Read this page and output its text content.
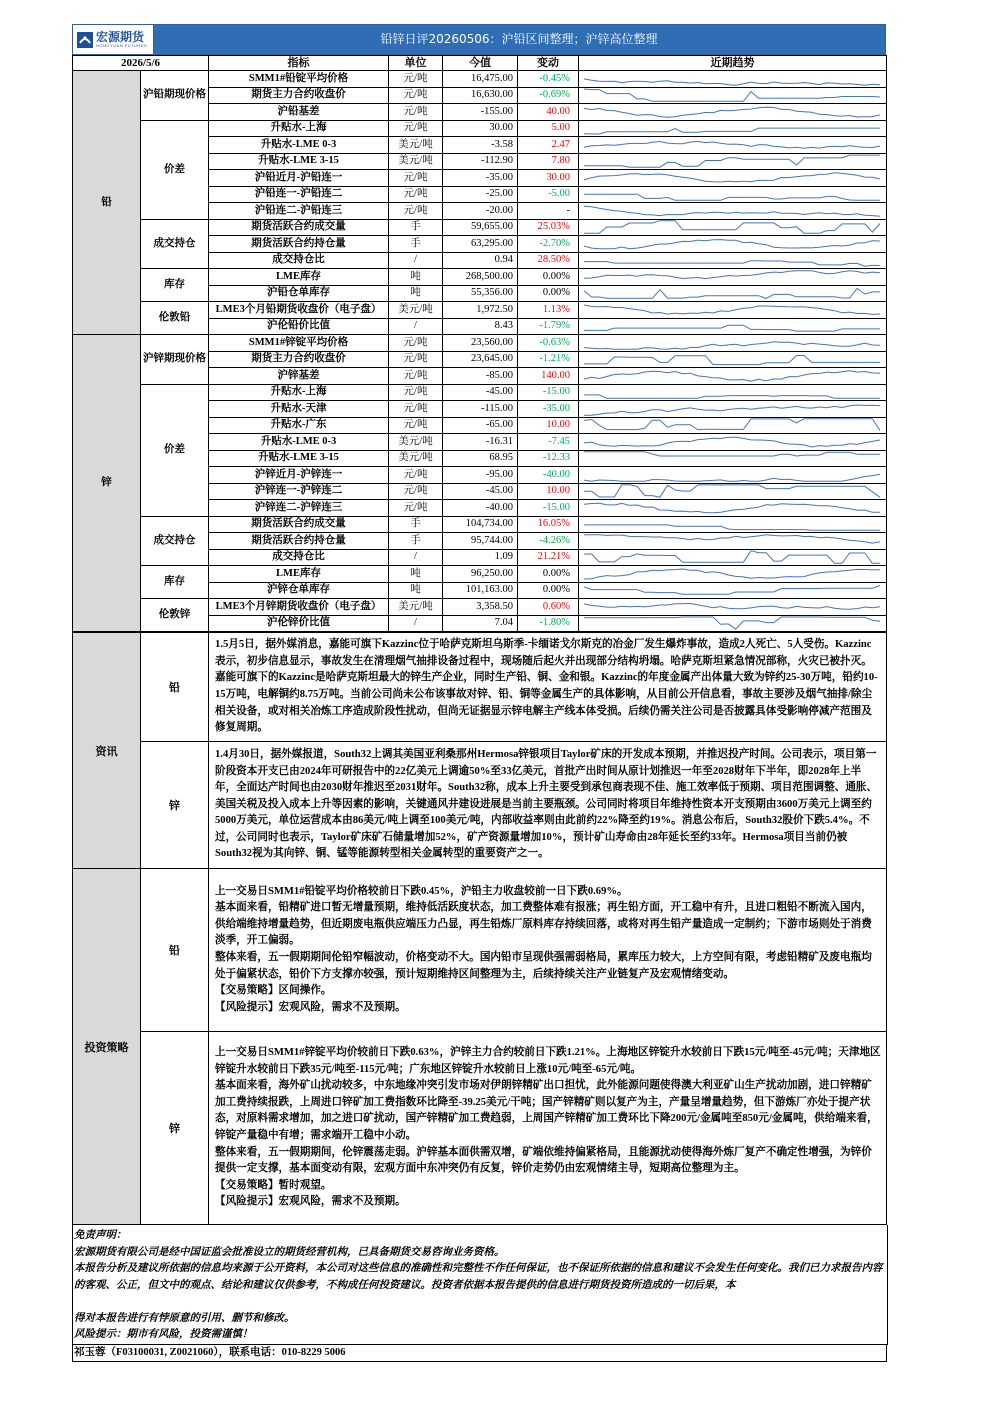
宏源期货
HONGYUAN FUTURES	铅锌日评20260506：沪铅区间整理；沪锌高位整理
2026/5/6		指标	单位	今值	变动	近期趋势
铅	沪铅期现价格	SMM1#铅锭平均价格	元/吨	16,475.00	-0.45%	

		期货主力合约收盘价	元/吨	16,630.00	-0.69%	

		沪铅基差	元/吨	-155.00	40.00	

	价差	升贴水-上海	元/吨	30.00	5.00	

		升贴水-LME 0-3	美元/吨	-3.58	2.47	

		升贴水-LME 3-15	美元/吨	-112.90	7.80	

		沪铅近月-沪铅连一	元/吨	-35.00	30.00	

		沪铅连一-沪铅连二	元/吨	-25.00	-5.00	

		沪铅连二-沪铅连三	元/吨	-20.00	-	

	成交持仓	期货活跃合约成交量	手	59,655.00	25.03%	

		期货活跃合约持仓量	手	63,295.00	-2.70%	

		成交持仓比	/	0.94	28.50%	

	库存	LME库存	吨	268,500.00	0.00%	

		沪铅仓单库存	吨	55,356.00	0.00%	

	伦敦铅	LME3个月铅期货收盘价（电子盘）	美元/吨	1,972.50	1.13%	

		沪伦铅价比值	/	8.43	-1.79%	

锌	沪锌期现价格	SMM1#锌锭平均价格	元/吨	23,560.00	-0.63%	

		期货主力合约收盘价	元/吨	23,645.00	-1.21%	

		沪锌基差	元/吨	-85.00	140.00	

	价差	升贴水-上海	元/吨	-45.00	-15.00	

		升贴水-天津	元/吨	-115.00	-35.00	

		升贴水-广东	元/吨	-65.00	10.00	

		升贴水-LME 0-3	美元/吨	-16.31	-7.45	

		升贴水-LME 3-15	美元/吨	68.95	-12.33	

		沪锌近月-沪锌连一	元/吨	-95.00	-40.00	

		沪锌连一-沪锌连二	元/吨	-45.00	10.00	

		沪锌连二-沪锌连三	元/吨	-40.00	-15.00	

	成交持仓	期货活跃合约成交量	手	104,734.00	16.05%	

		期货活跃合约持仓量	手	95,744.00	-4.26%	

		成交持仓比	/	1.09	21.21%	

	库存	LME库存	吨	96,250.00	0.00%	

		沪锌仓单库存	吨	101,163.00	0.00%	

	伦敦锌	LME3个月锌期货收盘价（电子盘）	美元/吨	3,358.50	0.60%	

		沪伦锌价比值	/	7.04	-1.80%	
资讯	铅	1.5月5日，据外媒消息，嘉能可旗下Kazzinc位于哈萨克斯坦乌斯季-卡缅诺戈尔斯克的冶金厂发生爆炸事故，造成2人死亡、5人受伤。Kazzinc表示，初步信息显示，事故发生在清理烟气抽排设备过程中，现场随后起火并出现部分结构坍塌。哈萨克斯坦紧急情况部称，火灾已被扑灭。嘉能可旗下的Kazzinc是哈萨克斯坦最大的锌生产企业，同时生产铅、铜、金和银。Kazzinc的年度金属产出体量大致为锌约25-30万吨，铅约10-15万吨，电解铜约8.75万吨。当前公司尚未公布该事故对锌、铅、铜等金属生产的具体影响，从目前公开信息看，事故主要涉及烟气抽排/除尘相关设备，或对相关冶炼工序造成阶段性扰动，但尚无证据显示锌电解主产线本体受损。后续仍需关注公司是否披露具体受影响停减产范围及修复周期。
	锌	1.4月30日，据外媒报道，South32上调其美国亚利桑那州Hermosa锌银项目Taylor矿床的开发成本预期，并推迟投产时间。公司表示，项目第一阶段资本开支已由2024年可研报告中的22亿美元上调逾50%至33亿美元，首批产出时间从原计划推迟一年至2028财年下半年，即2028年上半年，全面达产时间也由2030财年推迟至2031财年。South32称，成本上升主要受到承包商表现不佳、施工效率低于预期、项目范围调整、通胀、美国关税及投入成本上升等因素的影响，关键通风井建设进展是当前主要瓶颈。公司同时将项目年维持性资本开支预期由3600万美元上调至约5000万美元，单位运营成本由86美元/吨上调至100美元/吨，内部收益率则由此前约22%降至约19%。消息公布后，South32股价下跌5.4%。不过，公司同时也表示，Taylor矿床矿石储量增加52%，矿产资源量增加10%，预计矿山寿命由28年延长至约33年。Hermosa项目当前仍被South32视为其向锌、铜、锰等能源转型相关金属转型的重要资产之一。
投资策略	铅	上一交易日SMM1#铅锭平均价格较前日下跌0.45%，沪铅主力收盘较前一日下跌0.69%。

基本面来看，铅精矿进口暂无增量预期，维持低活跃度状态，加工费整体难有报涨；再生铅方面，开工稳中有升，且进口粗铅不断流入国内，供给端维持增量趋势，但近期废电瓶供应端压力凸显，再生铅炼厂原料库存持续回落，或将对再生铅产量造成一定制约；下游市场则处于消费淡季，开工偏弱。

整体来看，五一假期期间伦铅窄幅波动，价格变动不大。国内铅市呈现供强需弱格局，累库压力较大，上方空间有限，考虑铅精矿及废电瓶均处于偏紧状态，铅价下方支撑亦较强，预计短期维持区间整理为主，后续持续关注产业链复产及宏观情绪变动。

【交易策略】区间操作。

【风险提示】宏观风险，需求不及预期。

	锌	上一交易日SMM1#锌锭平均价较前日下跌0.63%，沪锌主力合约较前日下跌1.21%。上海地区锌锭升水较前日下跌15元/吨至-45元/吨；天津地区锌锭升水较前日下跌35元/吨至-115元/吨；广东地区锌锭升水较前日上涨10元/吨至-65元/吨。

基本面来看，海外矿山扰动较多，中东地缘冲突引发市场对伊朗锌精矿出口担忧，此外能源问题使得澳大利亚矿山生产扰动加剧，进口锌精矿加工费持续报跌，上周进口锌矿加工费指数环比降至-39.25美元/干吨；国产锌精矿则以复产为主，产量呈增量趋势，但下游炼厂亦处于提产状态，对原料需求增加，加之进口矿扰动，国产锌精矿加工费趋弱，上周国产锌精矿加工费环比下降200元/金属吨至850元/金属吨，供给端来看，锌锭产量稳中有增；需求端开工稳中小动。

整体来看，五一假期期间，伦锌震荡走弱。沪锌基本面供需双增，矿端依维持偏紧格局，且能源扰动使得海外炼厂复产不确定性增强，为锌价提供一定支撑，基本面变动有限，宏观方面中东冲突仍有反复，锌价走势仍由宏观情绪主导，短期高位整理为主。

【交易策略】暂时观望。

【风险提示】宏观风险，需求不及预期。

免责声明：

宏源期货有限公司是经中国证监会批准设立的期货经营机构，已具备期货交易咨询业务资格。

本报告分析及建议所依据的信息均来源于公开资料，本公司对这些信息的准确性和完整性不作任何保证，也不保证所依据的信息和建议不会发生任何变化。我们已力求报告内容的客观、公正，但文中的观点、结论和建议仅供参考，不构成任何投资建议。投资者依据本报告提供的信息进行期货投资所造成的一切后果，本

得对本报告进行有悖原意的引用、删节和修改。

风险提示：期市有风险，投资需谨慎！

祁玉蓉（F03100031, Z0021060），联系电话：010-8229 5006
